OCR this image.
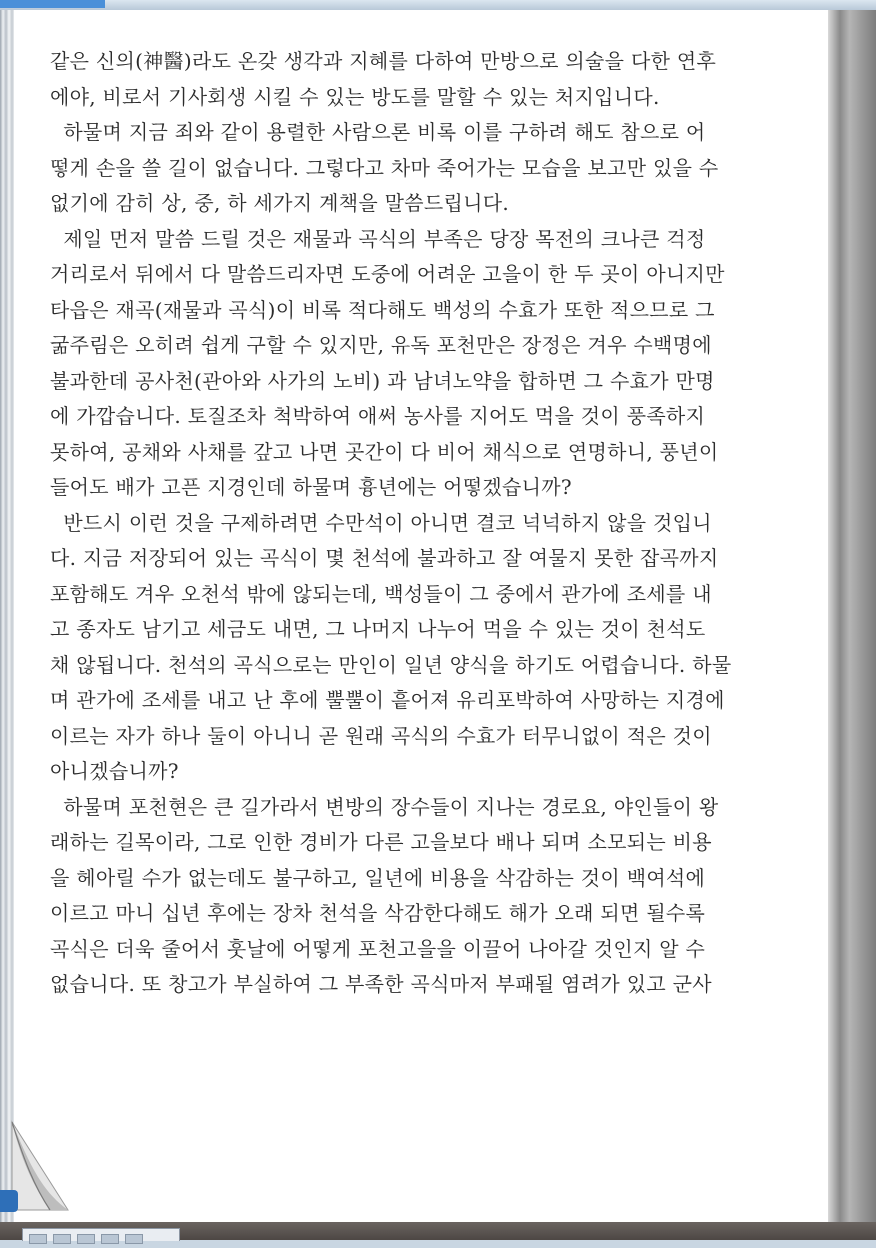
같은 신의(神醫)라도 온갖 생각과 지혜를 다하여 만방으로 의술을 다한 연후
에야, 비로서 기사회생 시킬 수 있는 방도를 말할 수 있는 처지입니다.
하물며 지금 죄와 같이 용렬한 사람으론 비록 이를 구하려 해도 참으로 어
떻게 손을 쓸 길이 없습니다. 그렇다고 차마 죽어가는 모습을 보고만 있을 수
없기에 감히 상, 중, 하 세가지 계책을 말씀드립니다.
제일 먼저 말씀 드릴 것은 재물과 곡식의 부족은 당장 목전의 크나큰 걱정
거리로서 뒤에서 다 말씀드리자면 도중에 어려운 고을이 한 두 곳이 아니지만
타읍은 재곡(재물과 곡식)이 비록 적다해도 백성의 수효가 또한 적으므로 그
굶주림은 오히려 쉽게 구할 수 있지만, 유독 포천만은 장정은 겨우 수백명에
불과한데 공사천(관아와 사가의 노비) 과 남녀노약을 합하면 그 수효가 만명
에 가깝습니다. 토질조차 척박하여 애써 농사를 지어도 먹을 것이 풍족하지
못하여, 공채와 사채를 갚고 나면 곳간이 다 비어 채식으로 연명하니, 풍년이
들어도 배가 고픈 지경인데 하물며 흉년에는 어떻겠습니까?
반드시 이런 것을 구제하려면 수만석이 아니면 결코 넉넉하지 않을 것입니
다. 지금 저장되어 있는 곡식이 몇 천석에 불과하고 잘 여물지 못한 잡곡까지
포함해도 겨우 오천석 밖에 않되는데, 백성들이 그 중에서 관가에 조세를 내
고 종자도 남기고 세금도 내면, 그 나머지 나누어 먹을 수 있는 것이 천석도
채 않됩니다. 천석의 곡식으로는 만인이 일년 양식을 하기도 어렵습니다. 하물
며 관가에 조세를 내고 난 후에 뿔뿔이 흩어져 유리포박하여 사망하는 지경에
이르는 자가 하나 둘이 아니니 곧 원래 곡식의 수효가 터무니없이 적은 것이
아니겠습니까?
하물며 포천현은 큰 길가라서 변방의 장수들이 지나는 경로요, 야인들이 왕
래하는 길목이라, 그로 인한 경비가 다른 고을보다 배나 되며 소모되는 비용
을 헤아릴 수가 없는데도 불구하고, 일년에 비용을 삭감하는 것이 백여석에
이르고 마니 십년 후에는 장차 천석을 삭감한다해도 해가 오래 되면 될수록
곡식은 더욱 줄어서 훗날에 어떻게 포천고을을 이끌어 나아갈 것인지 알 수
없습니다. 또 창고가 부실하여 그 부족한 곡식마저 부패될 염려가 있고 군사
